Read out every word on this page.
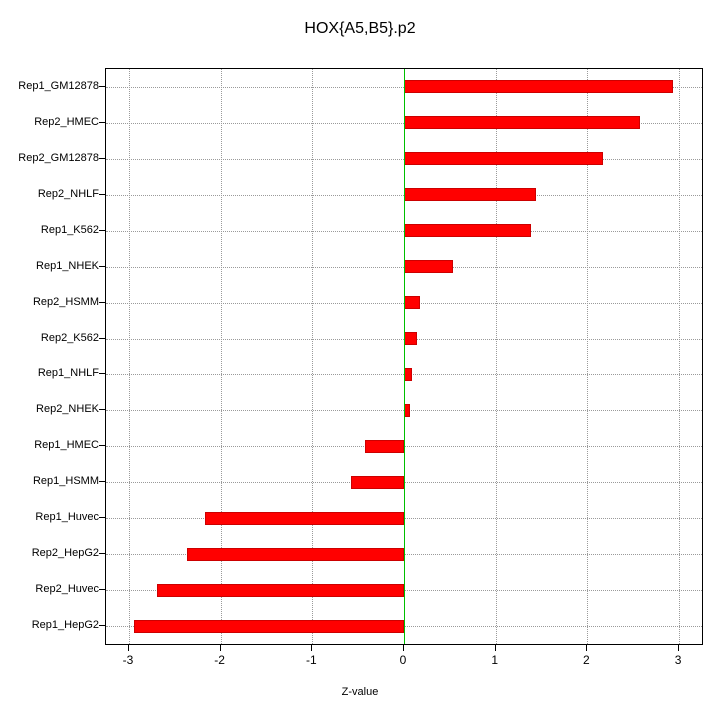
HOX{A5,B5}.p2
Rep1_GM12878
Rep2_HMEC
Rep2_GM12878
Rep2_NHLF
Rep1_K562
Rep1_NHEK
Rep2_HSMM
Rep2_K562
Rep1_NHLF
Rep2_NHEK
Rep1_HMEC
Rep1_HSMM
Rep1_Huvec
Rep2_HepG2
Rep2_Huvec
Rep1_HepG2
-3	-2	-1	0	1	2	3
Z-value
